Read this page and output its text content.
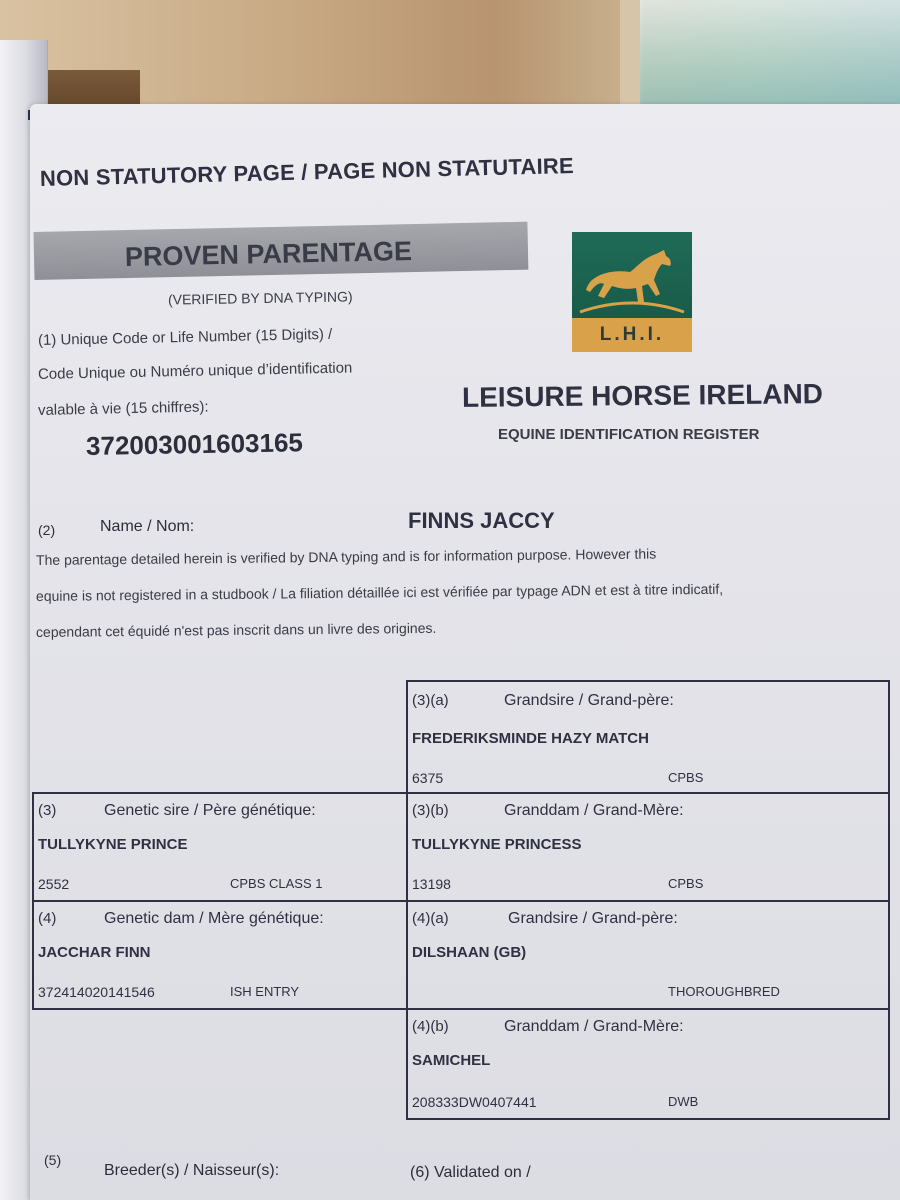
NON STATUTORY PAGE / PAGE NON STATUTAIRE
PROVEN PARENTAGE
(VERIFIED BY DNA TYPING)
(1) Unique Code or Life Number (15 Digits) /
Code Unique ou Numéro unique d’identification
valable à vie (15 chiffres):
372003001603165
L.H.I.
LEISURE HORSE IRELAND
EQUINE IDENTIFICATION REGISTER
(2)	Name / Nom:	FINNS JACCY
The parentage detailed herein is verified by DNA typing and is for information purpose. However this
equine is not registered in a studbook / La filiation détaillée ici est vérifiée par typage ADN et est à titre indicatif,
cependant cet équidé n'est pas inscrit dans un livre des origines.
(3)(a)	Grandsire / Grand-père:
FREDERIKSMINDE HAZY MATCH
6375	CPBS
(3)	Genetic sire / Père génétique:
TULLYKYNE PRINCE
2552	CPBS CLASS 1
(3)(b)	Granddam / Grand-Mère:
TULLYKYNE PRINCESS
13198	CPBS
(4)	Genetic dam / Mère génétique:
JACCHAR FINN
372414020141546	ISH ENTRY
(4)(a)	Grandsire / Grand-père:
DILSHAAN (GB)
THOROUGHBRED
(4)(b)	Granddam / Grand-Mère:
SAMICHEL
208333DW0407441	DWB
(5)
Breeder(s) / Naisseur(s):	(6) Validated on /
